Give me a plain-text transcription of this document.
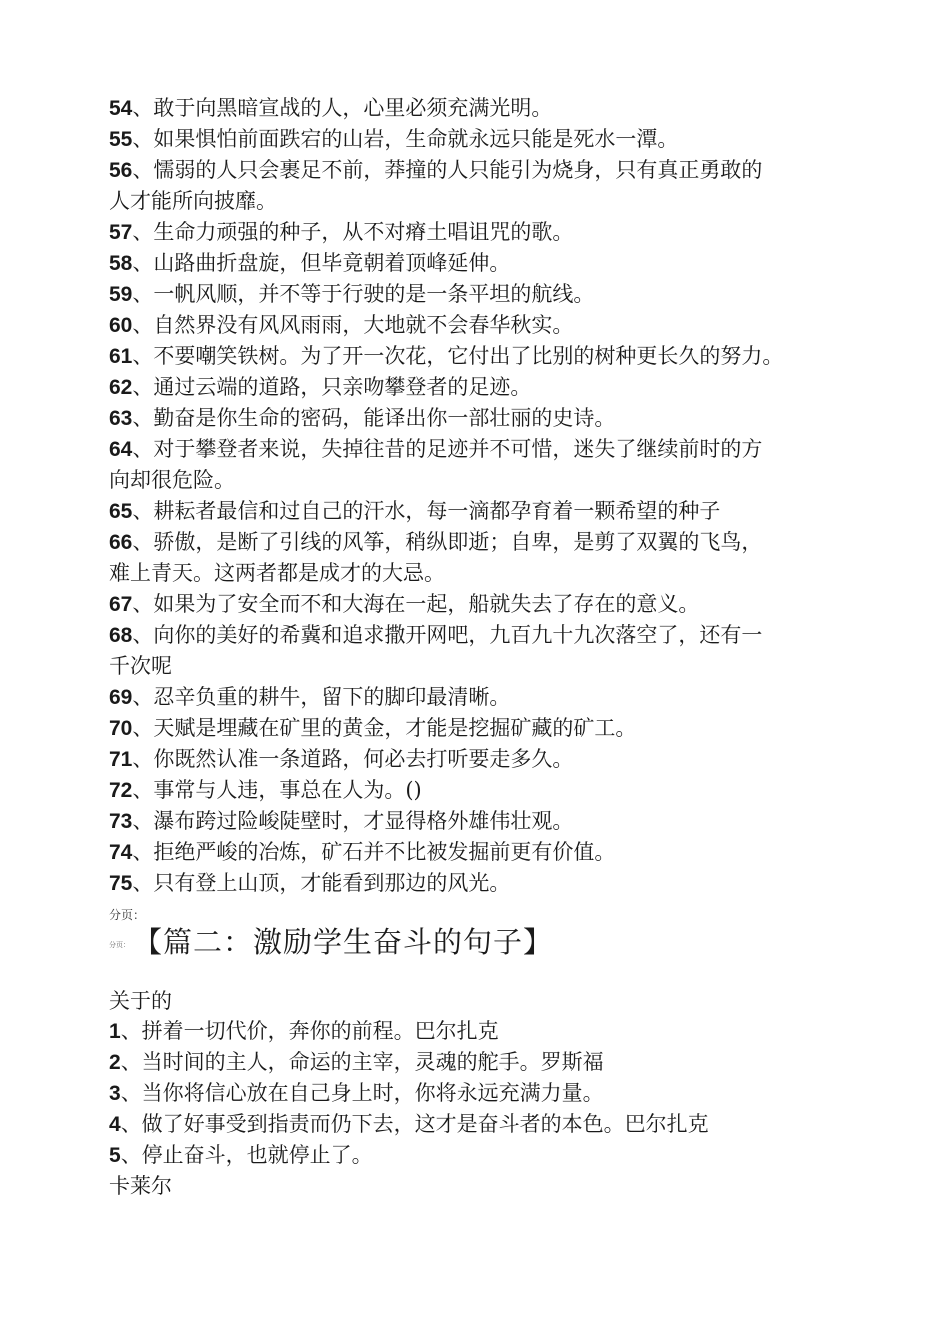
54、敢于向黑暗宣战的人，心里必须充满光明。
55、如果惧怕前面跌宕的山岩，生命就永远只能是死水一潭。
56、懦弱的人只会裹足不前，莽撞的人只能引为烧身，只有真正勇敢的
人才能所向披靡。
57、生命力顽强的种子，从不对瘠土唱诅咒的歌。
58、山路曲折盘旋，但毕竟朝着顶峰延伸。
59、一帆风顺，并不等于行驶的是一条平坦的航线。
60、自然界没有风风雨雨，大地就不会春华秋实。
61、不要嘲笑铁树。为了开一次花，它付出了比别的树种更长久的努力。
62、通过云端的道路，只亲吻攀登者的足迹。
63、勤奋是你生命的密码，能译出你一部壮丽的史诗。
64、对于攀登者来说，失掉往昔的足迹并不可惜，迷失了继续前时的方
向却很危险。
65、耕耘者最信和过自己的汗水，每一滴都孕育着一颗希望的种子
66、骄傲，是断了引线的风筝，稍纵即逝；自卑，是剪了双翼的飞鸟，
难上青天。这两者都是成才的大忌。
67、如果为了安全而不和大海在一起，船就失去了存在的意义。
68、向你的美好的希冀和追求撒开网吧，九百九十九次落空了，还有一
千次呢
69、忍辛负重的耕牛，留下的脚印最清晰。
70、天赋是埋藏在矿里的黄金，才能是挖掘矿藏的矿工。
71、你既然认准一条道路，何必去打听要走多久。
72、事常与人违，事总在人为。()
73、瀑布跨过险峻陡壁时，才显得格外雄伟壮观。
74、拒绝严峻的冶炼，矿石并不比被发掘前更有价值。
75、只有登上山顶，才能看到那边的风光。
分页：
分页： 【篇二：激励学生奋斗的句子】
关于的
1、拼着一切代价，奔你的前程。巴尔扎克
2、当时间的主人，命运的主宰，灵魂的舵手。罗斯福
3、当你将信心放在自己身上时，你将永远充满力量。
4、做了好事受到指责而仍下去，这才是奋斗者的本色。巴尔扎克
5、停止奋斗，也就停止了。
卡莱尔
